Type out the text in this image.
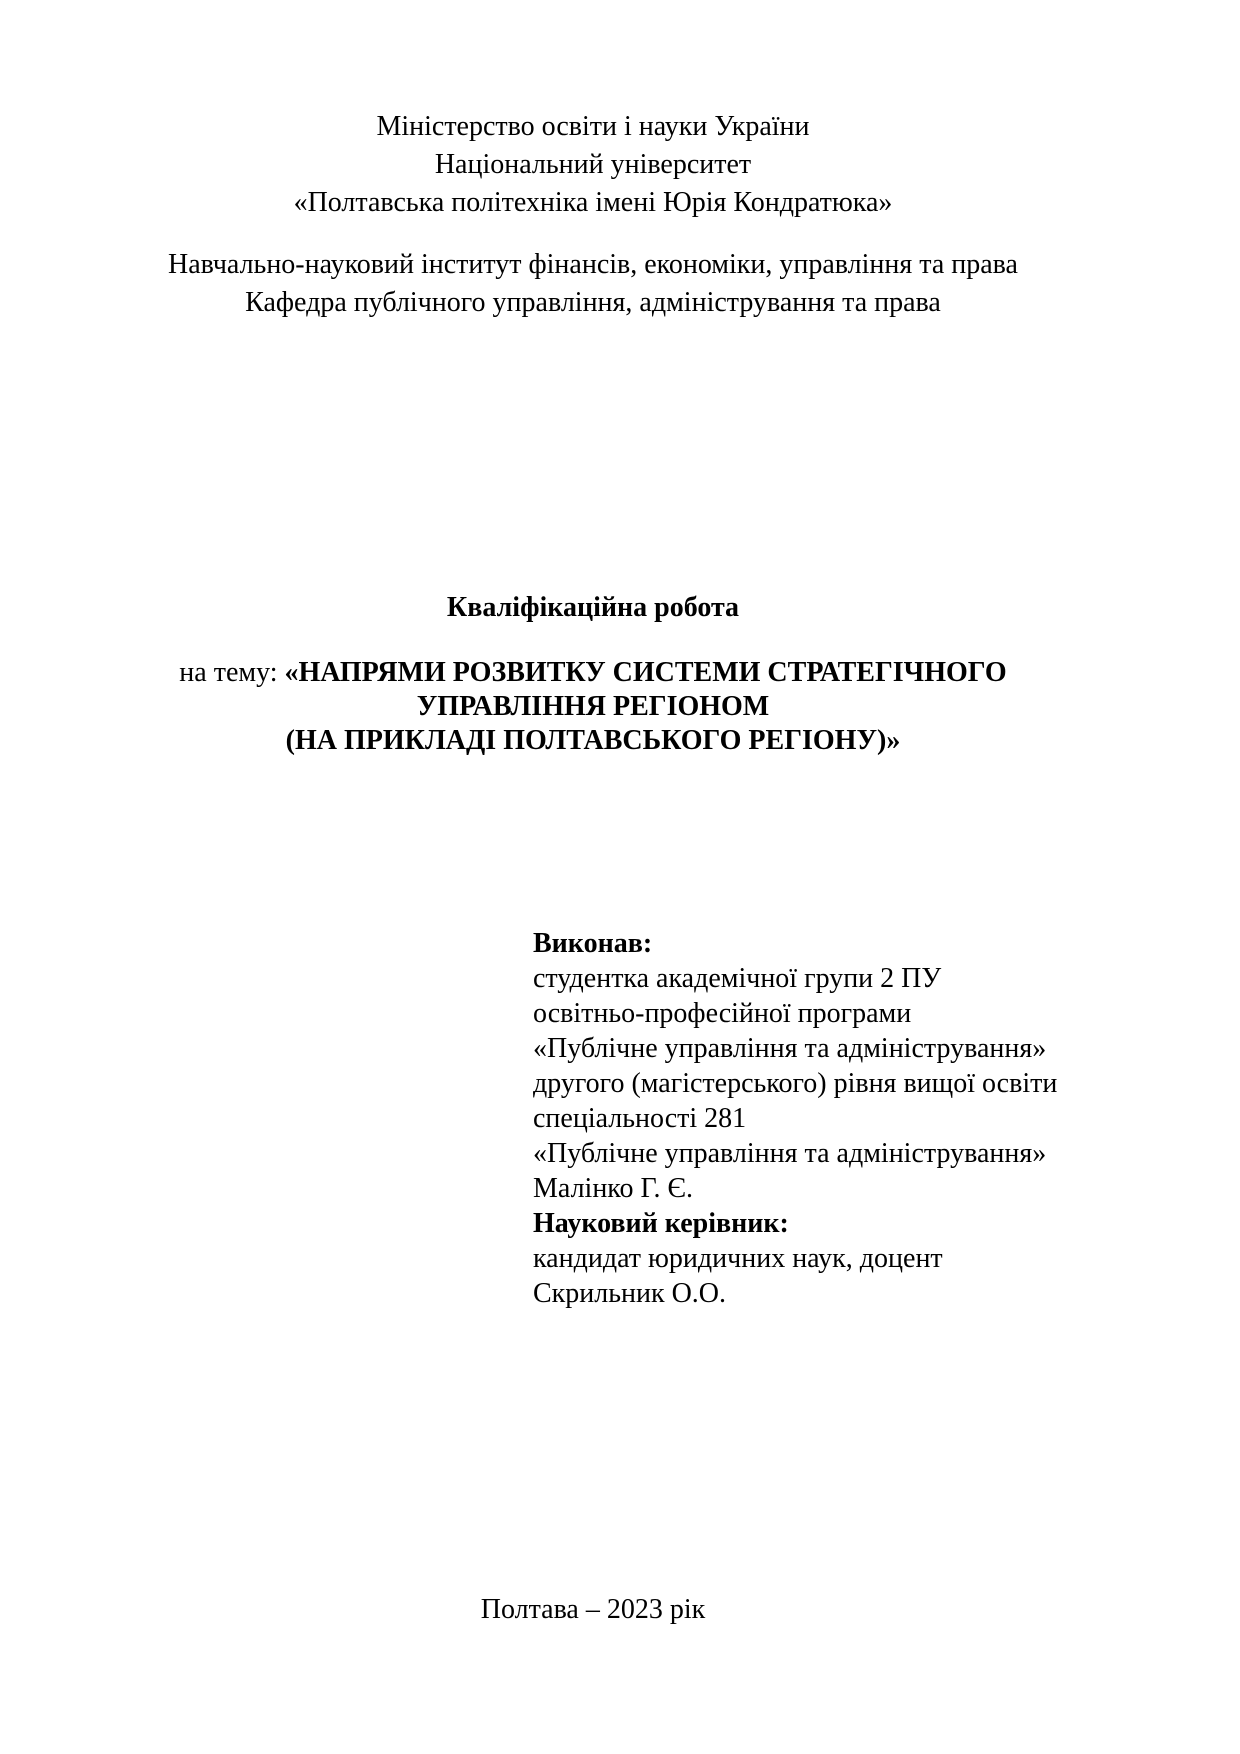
Міністерство освіти і науки України
Національний університет
«Полтавська політехніка імені Юрія Кондратюка»
Навчально-науковий інститут фінансів, економіки, управління та права
Кафедра публічного управління, адміністрування та права
Кваліфікаційна робота
на тему: «НАПРЯМИ РОЗВИТКУ СИСТЕМИ СТРАТЕГІЧНОГО
УПРАВЛІННЯ РЕГІОНОМ
(НА ПРИКЛАДІ ПОЛТАВСЬКОГО РЕГІОНУ)»
Виконав:
студентка академічної групи 2 ПУ
освітньо-професійної програми
«Публічне управління та адміністрування»
другого (магістерського) рівня вищої освіти
спеціальності 281
«Публічне управління та адміністрування»
Малінко Г. Є.
Науковий керівник:
кандидат юридичних наук, доцент
Скрильник О.О.
Полтава – 2023 рік
